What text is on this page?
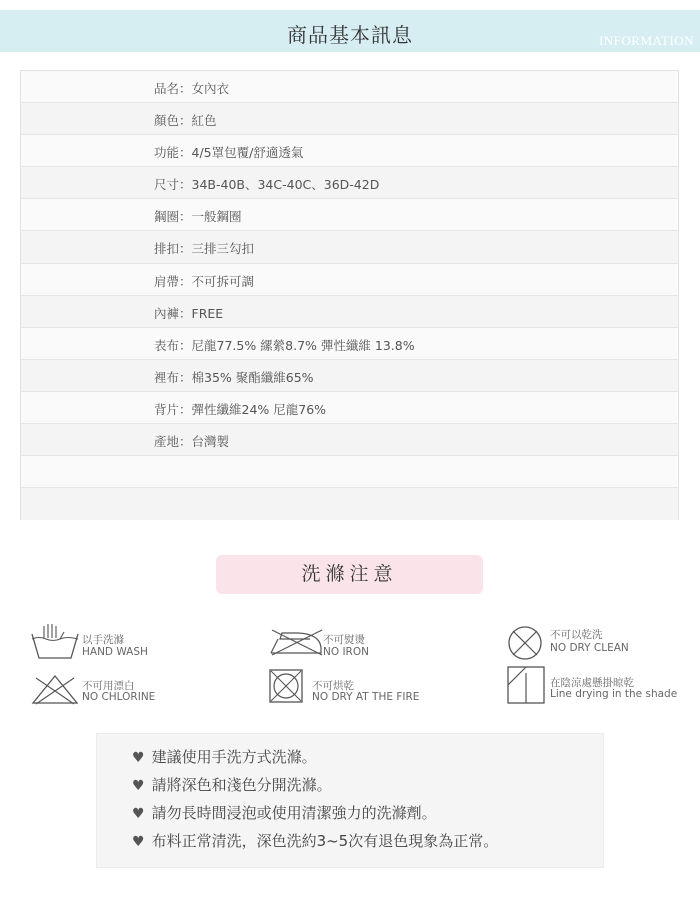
商品基本訊息	INFORMATION
品名：女內衣
顏色：紅色
功能：4/5罩包覆/舒適透氣
尺寸：34B-40B、34C-40C、36D-42D
鋼圈：一般鋼圈
排扣：三排三勾扣
肩帶：不可拆可調
內褲：FREE
表布：尼龍77.5% 縲縈8.7% 彈性纖維 13.8%
裡布：棉35% 聚酯纖維65%
背片：彈性纖維24% 尼龍76%
產地：台灣製
洗滌注意
以手洗滌
HAND WASH
不可熨燙
NO IRON
不可以乾洗
NO DRY CLEAN
不可用漂白
NO CHLORINE
不可烘乾
NO DRY AT THE FIRE
在陰涼處懸掛晾乾
Line drying in the shade
♥ 建議使用手洗方式洗滌。
♥ 請將深色和淺色分開洗滌。
♥ 請勿長時間浸泡或使用清潔強力的洗滌劑。
♥ 布料正常清洗，深色洗約3~5次有退色現象為正常。
